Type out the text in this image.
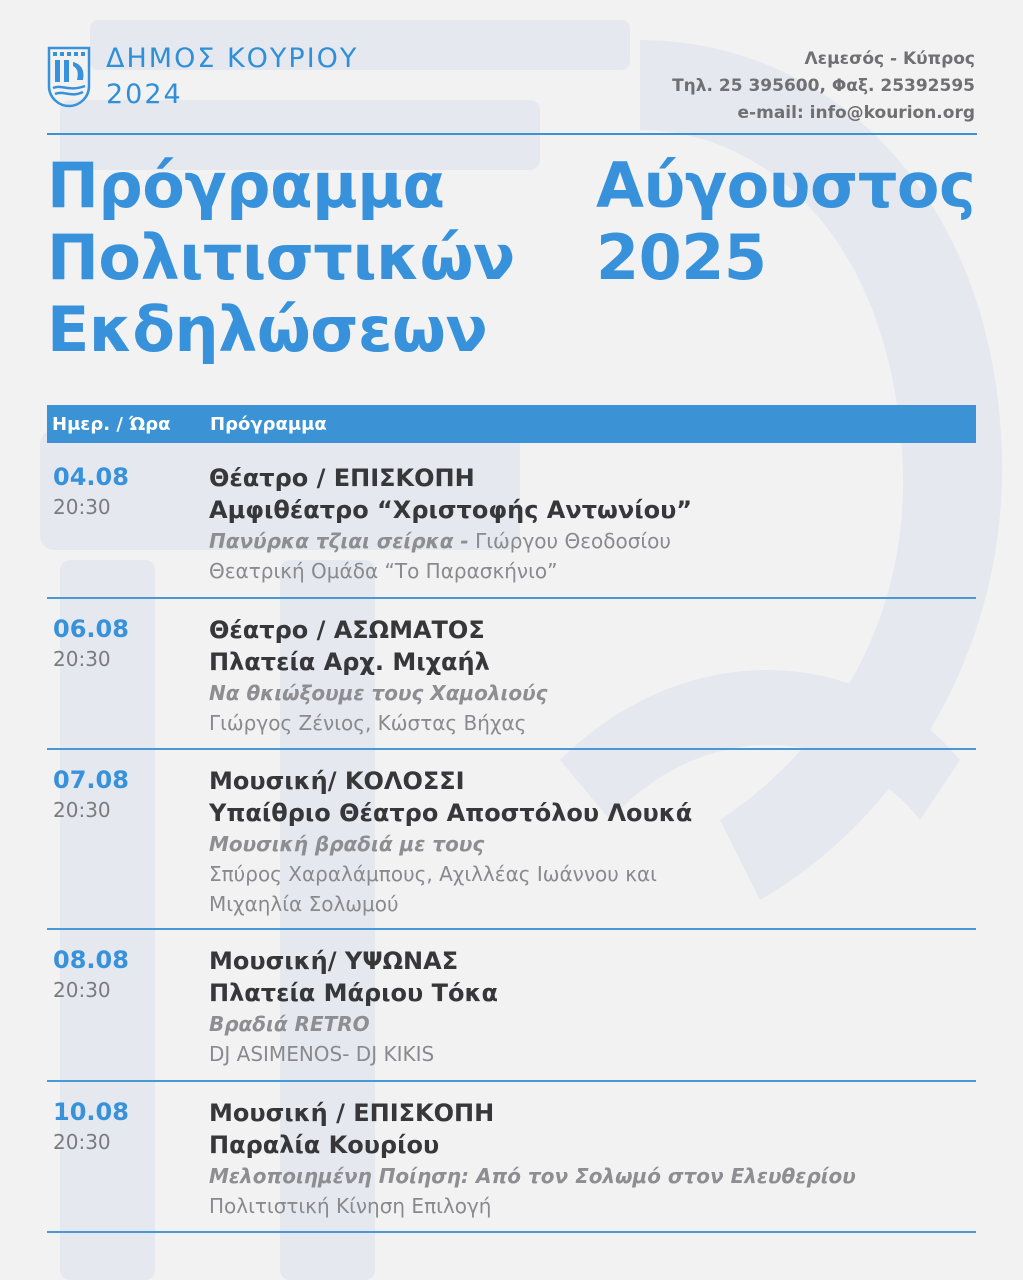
ΔΗΜΟΣ ΚΟΥΡΙΟΥ
2024
Λεμεσός - Κύπρος
Τηλ. 25 395600, Φαξ. 25392595
e-mail: info@kourion.org
Πρόγραμμα
Πολιτιστικών
Εκδηλώσεων
Αύγουστος
2025
Ημερ. / Ώρα Πρόγραμμα
04.08
20:30
Θέατρο / ΕΠΙΣΚΟΠΗ
Αμφιθέατρο “Χριστοφής Αντωνίου”
Πανύρκα τζιαι σείρκα - Γιώργου Θεοδοσίου
Θεατρική Ομάδα “Το Παρασκήνιο”
06.08
20:30
Θέατρο / ΑΣΩΜΑΤΟΣ
Πλατεία Αρχ. Μιχαήλ
Να θκιώξουμε τους Χαμολιούς
Γιώργος Ζένιος, Κώστας Βήχας
07.08
20:30
Μουσική/ ΚΟΛΟΣΣΙ
Υπαίθριο Θέατρο Αποστόλου Λουκά
Μουσική βραδιά με τους
Σπύρος Χαραλάμπους, Αχιλλέας Ιωάννου και
Μιχαηλία Σολωμού
08.08
20:30
Μουσική/ ΥΨΩΝΑΣ
Πλατεία Μάριου Τόκα
Βραδιά RETRO
DJ ASIMENOS- DJ KIKIS
10.08
20:30
Μουσική / ΕΠΙΣΚΟΠΗ
Παραλία Κουρίου
Μελοποιημένη Ποίηση: Από τον Σολωμό στον Ελευθερίου
Πολιτιστική Κίνηση Επιλογή
